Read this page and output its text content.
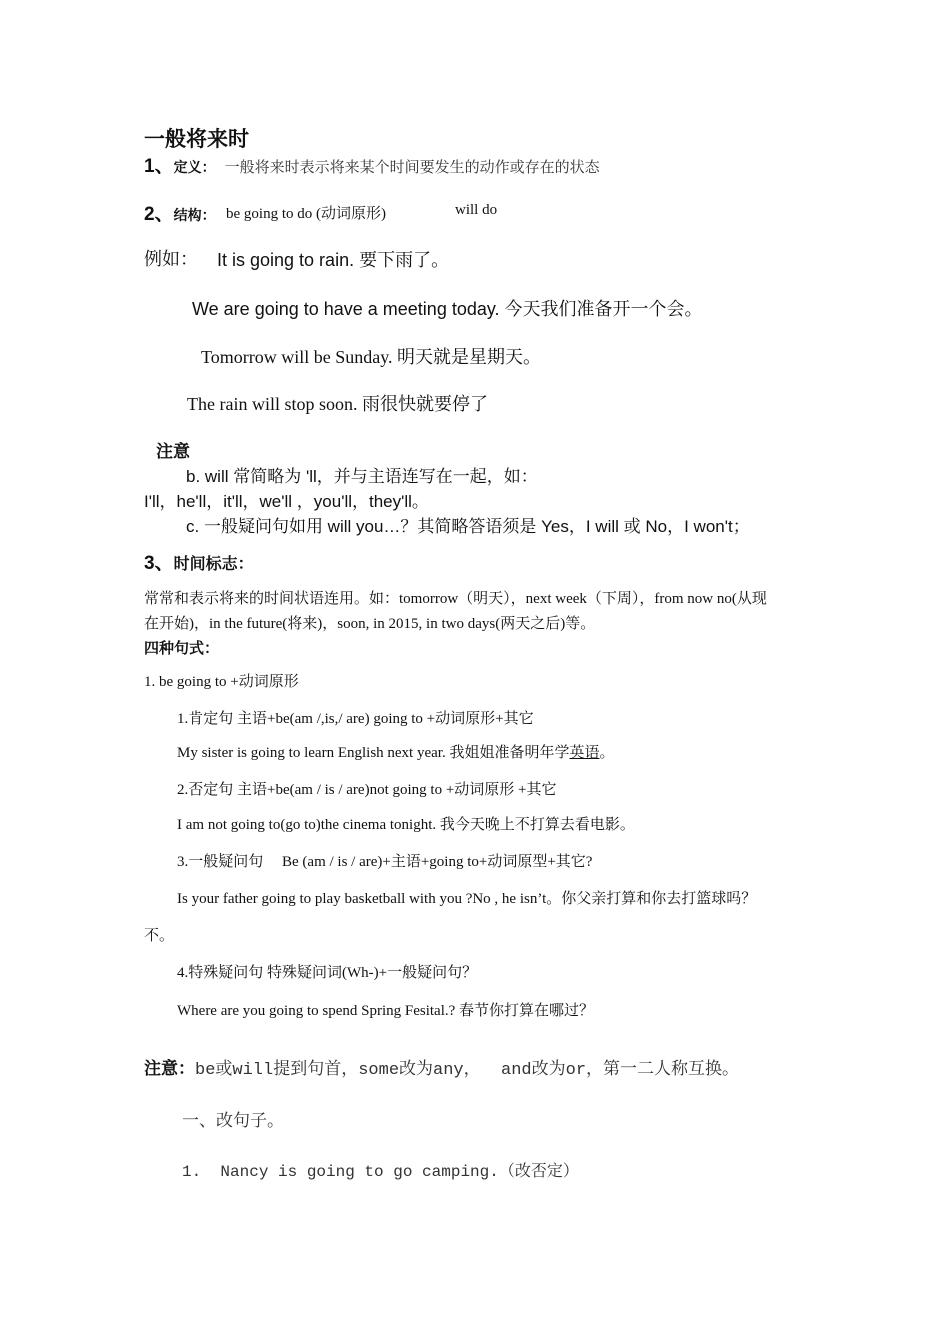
一般将来时
1、定义： 一般将来时表示将来某个时间要发生的动作或存在的状态
2、结构： be going to do (动词原形)	will do
例如： It is going to rain. 要下雨了。
We are going to have a meeting today. 今天我们准备开一个会。
Tomorrow will be Sunday. 明天就是星期天。
The rain will stop soon. 雨很快就要停了
注意
b. will 常简略为 'll，并与主语连写在一起，如：
I'll，he'll，it'll，we'll ，you'll，they'll。
c. 一般疑问句如用 will you…？其简略答语须是 Yes，I will 或 No，I won't；
3、时间标志：
常常和表示将来的时间状语连用。如：tomorrow（明天），next week（下周），from now no(从现
在开始)，in the future(将来)，soon, in 2015, in two days(两天之后)等。
四种句式：
1. be going to +动词原形
1.肯定句 主语+be(am /,is,/ are) going to +动词原形+其它
My sister is going to learn English next year. 我姐姐准备明年学英语。
2.否定句 主语+be(am / is / are)not going to +动词原形 +其它
I am not going to(go to)the cinema tonight. 我今天晚上不打算去看电影。
3.一般疑问句     Be (am / is / are)+主语+going to+动词原型+其它?
Is your father going to play basketball with you ?No , he isn’t。你父亲打算和你去打篮球吗？
不。
4.特殊疑问句 特殊疑问词(Wh-)+一般疑问句？
Where are you going to spend Spring Fesital.? 春节你打算在哪过？
注意：be或will提到句首，some改为any，  and改为or，第一二人称互换。
一、改句子。
1.  Nancy is going to go camping.（改否定）
